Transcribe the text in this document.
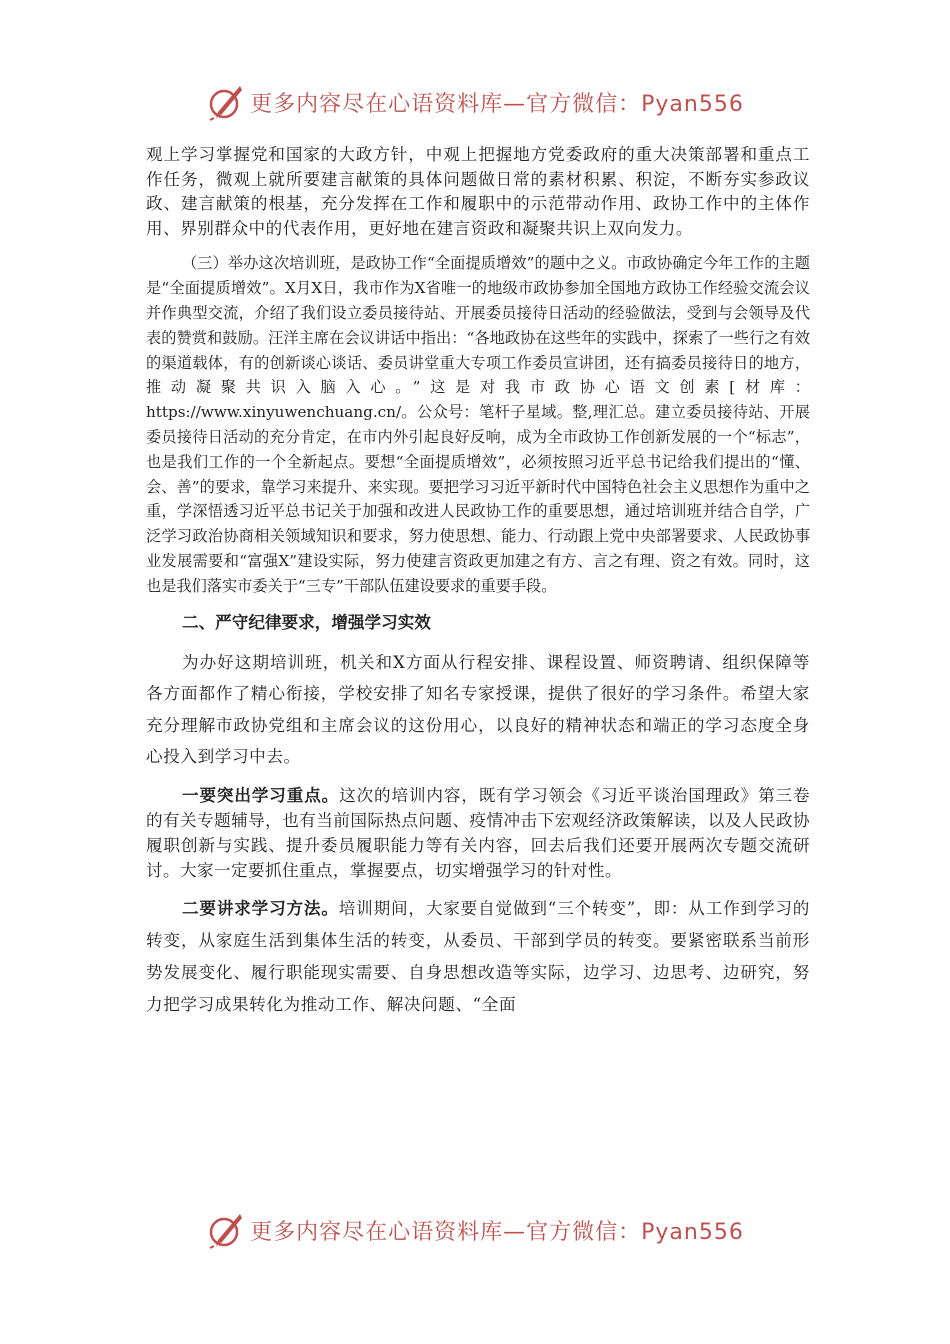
更多内容尽在心语资料库—官方微信：Pyan556

观上学习掌握党和国家的大政方针，中观上把握地方党委政府的重大决策部署和重点工作任务，微观上就所要建言献策的具体问题做日常的素材积累、积淀，不断夯实参政议政、建言献策的根基，充分发挥在工作和履职中的示范带动作用、政协工作中的主体作用、界别群众中的代表作用，更好地在建言资政和凝聚共识上双向发力。

（三）举办这次培训班，是政协工作“全面提质增效”的题中之义。市政协确定今年工作的主题是“全面提质增效”。X月X日，我市作为X省唯一的地级市政协参加全国地方政协工作经验交流会议并作典型交流，介绍了我们设立委员接待站、开展委员接待日活动的经验做法，受到与会领导及代表的赞赏和鼓励。汪洋主席在会议讲话中指出：“各地政协在这些年的实践中，探索了一些行之有效的渠道载体，有的创新谈心谈话、委员讲堂重大专项工作委员宣讲团，还有搞委员接待日的地方，推动凝聚共识入脑入心。”这是对我市政协心语文创素[材库：https://www.xinyuwenchuang.cn/。公众号：笔杆子星域。整,理汇总。建立委员接待站、开展委员接待日活动的充分肯定，在市内外引起良好反响，成为全市政协工作创新发展的一个“标志”，也是我们工作的一个全新起点。要想“全面提质增效”，必须按照习近平总书记给我们提出的“懂、会、善”的要求，靠学习来提升、来实现。要把学习习近平新时代中国特色社会主义思想作为重中之重，学深悟透习近平总书记关于加强和改进人民政协工作的重要思想，通过培训班并结合自学，广泛学习政治协商相关领域知识和要求，努力使思想、能力、行动跟上党中央部署要求、人民政协事业发展需要和“富强X”建设实际，努力使建言资政更加建之有方、言之有理、资之有效。同时，这也是我们落实市委关于“三专”干部队伍建设要求的重要手段。

二、严守纪律要求，增强学习实效

为办好这期培训班，机关和X方面从行程安排、课程设置、师资聘请、组织保障等各方面都作了精心衔接，学校安排了知名专家授课，提供了很好的学习条件。希望大家充分理解市政协党组和主席会议的这份用心，以良好的精神状态和端正的学习态度全身心投入到学习中去。

一要突出学习重点。这次的培训内容，既有学习领会《习近平谈治国理政》第三卷的有关专题辅导，也有当前国际热点问题、疫情冲击下宏观经济政策解读，以及人民政协履职创新与实践、提升委员履职能力等有关内容，回去后我们还要开展两次专题交流研讨。大家一定要抓住重点，掌握要点，切实增强学习的针对性。

二要讲求学习方法。培训期间，大家要自觉做到“三个转变”，即：从工作到学习的转变，从家庭生活到集体生活的转变，从委员、干部到学员的转变。要紧密联系当前形势发展变化、履行职能现实需要、自身思想改造等实际，边学习、边思考、边研究，努力把学习成果转化为推动工作、解决问题、“全面

更多内容尽在心语资料库—官方微信：Pyan556
